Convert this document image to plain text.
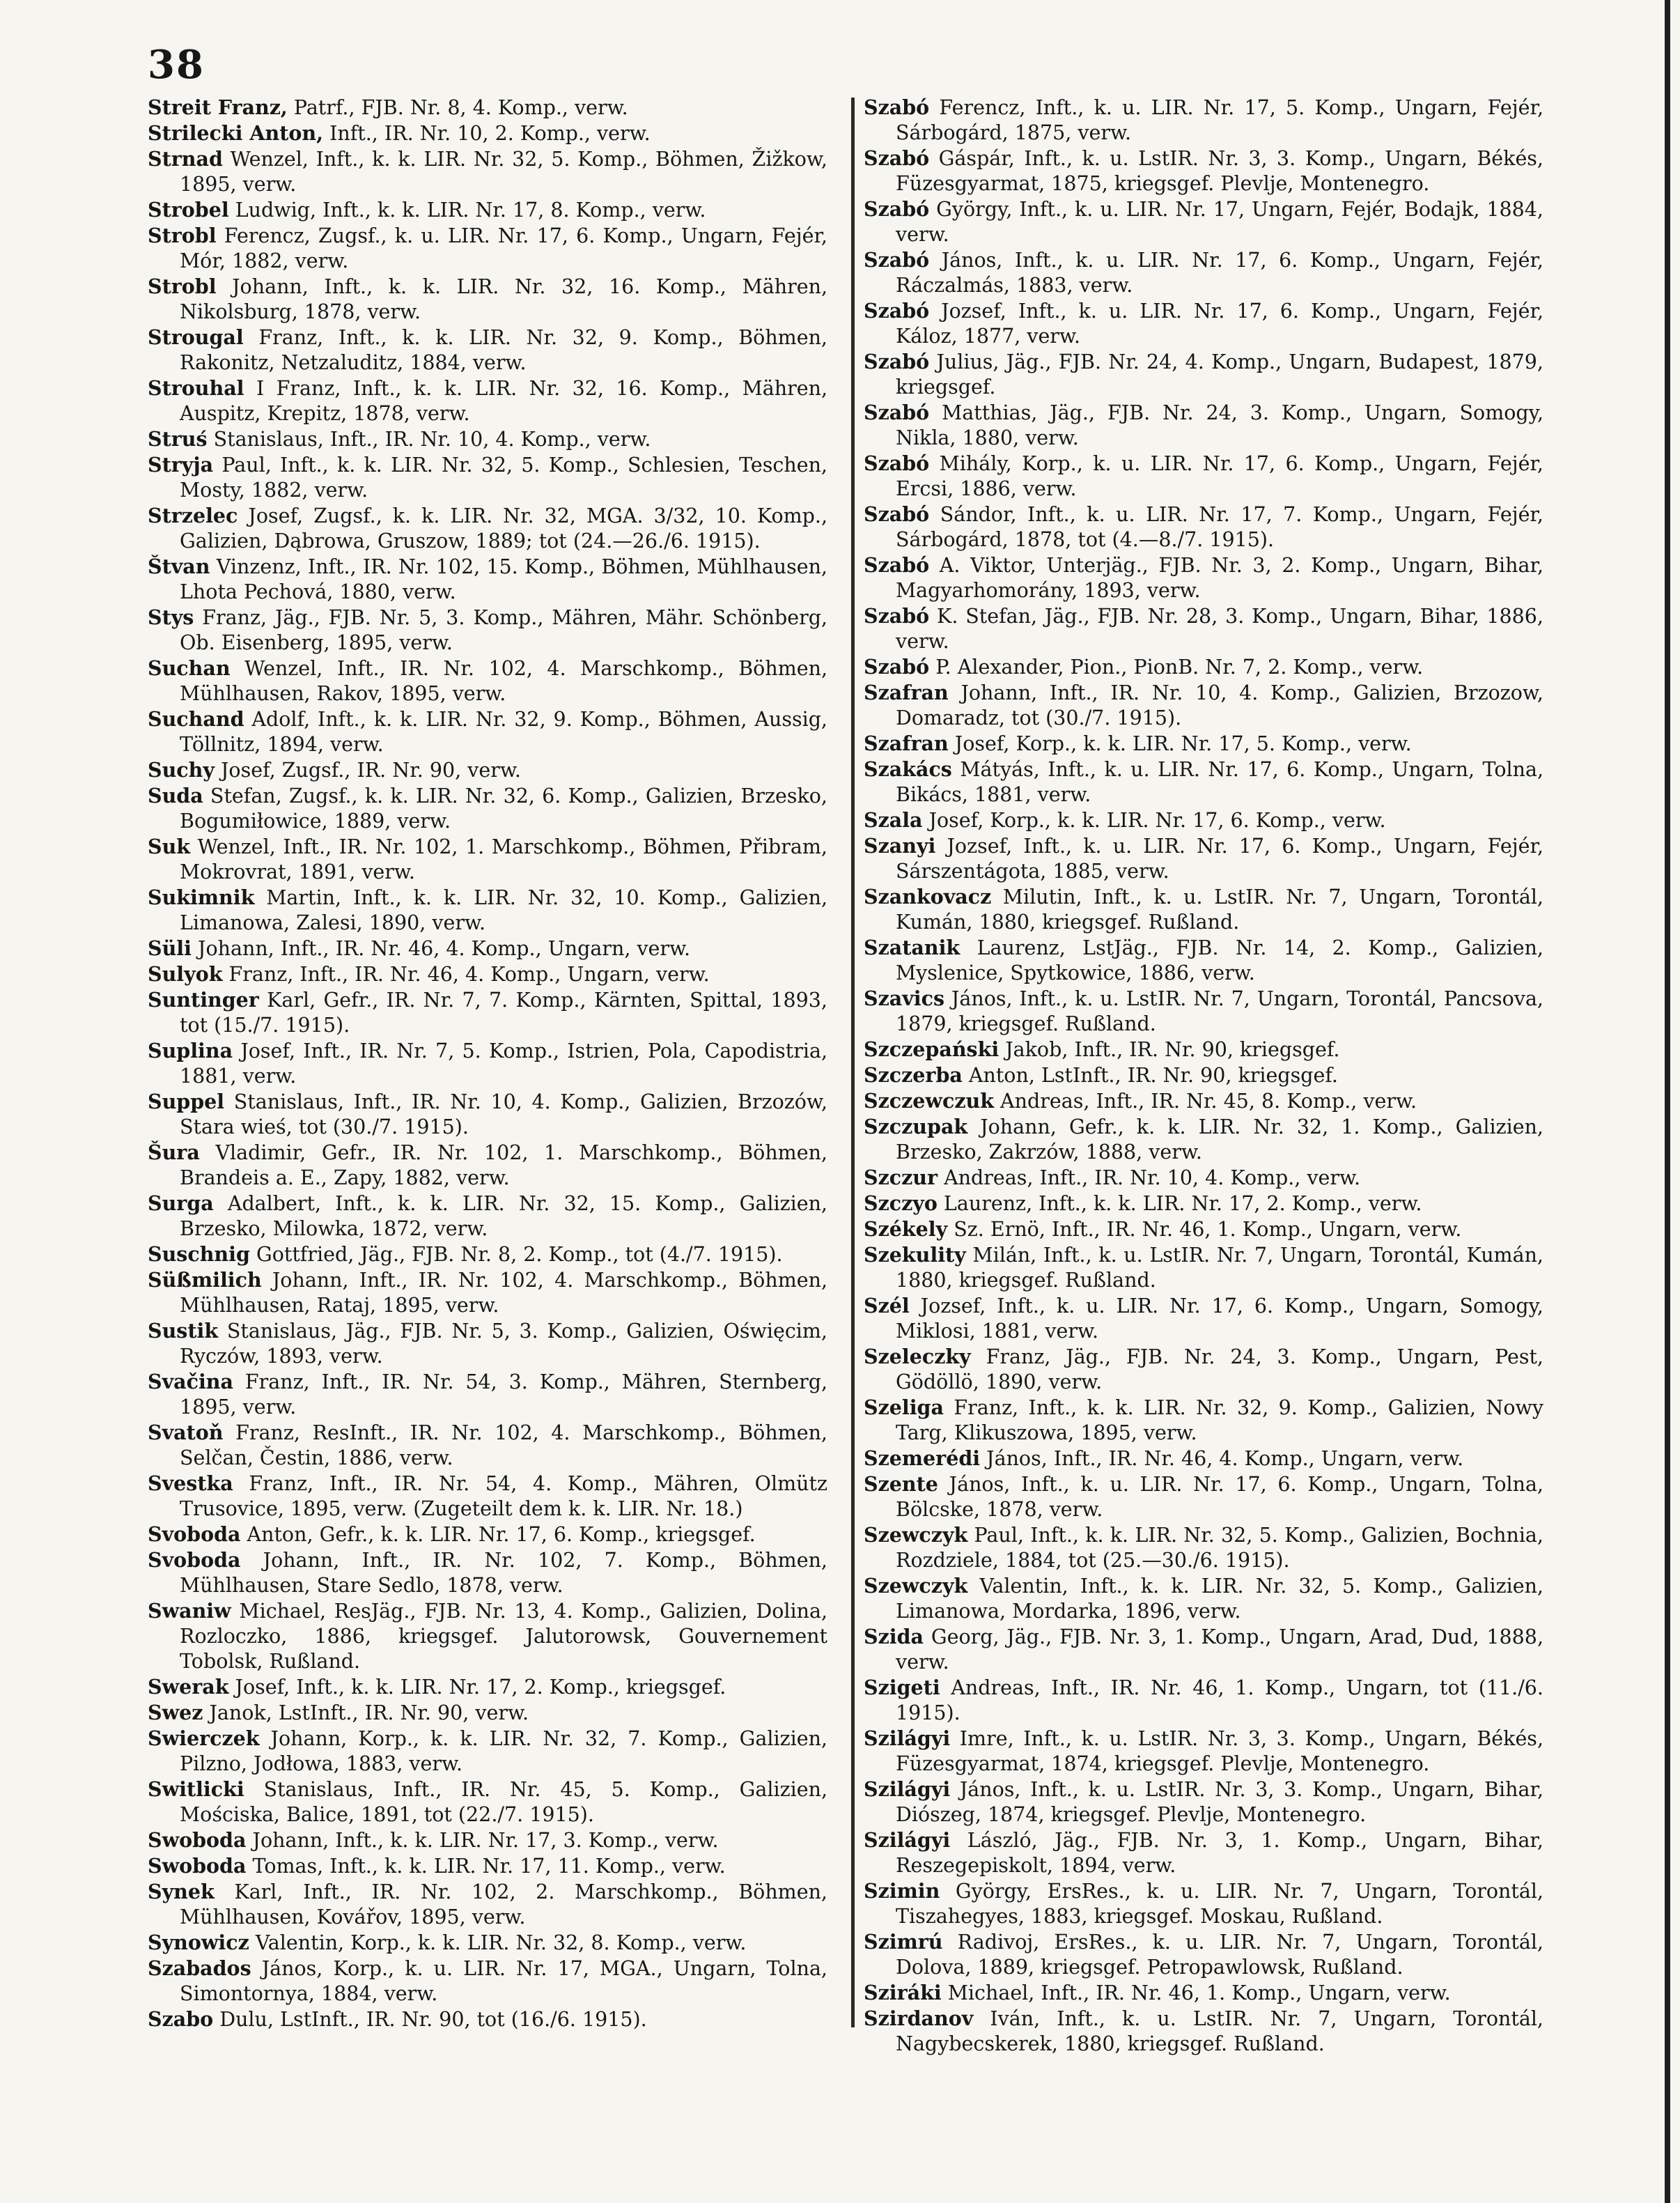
38
Streit Franz, Patrf., FJB. Nr. 8, 4. Komp., verw.
Strilecki Anton, Inft., IR. Nr. 10, 2. Komp., verw.
Strnad Wenzel, Inft., k. k. LIR. Nr. 32, 5. Komp., Böhmen, Žižkow, 1895, verw.
Strobel Ludwig, Inft., k. k. LIR. Nr. 17, 8. Komp., verw.
Strobl Ferencz, Zugsf., k. u. LIR. Nr. 17, 6. Komp., Ungarn, Fejér, Mór, 1882, verw.
Strobl Johann, Inft., k. k. LIR. Nr. 32, 16. Komp., Mähren, Nikolsburg, 1878, verw.
Strougal Franz, Inft., k. k. LIR. Nr. 32, 9. Komp., Böhmen, Rakonitz, Netzaluditz, 1884, verw.
Strouhal I Franz, Inft., k. k. LIR. Nr. 32, 16. Komp., Mähren, Auspitz, Krepitz, 1878, verw.
Struś Stanislaus, Inft., IR. Nr. 10, 4. Komp., verw.
Stryja Paul, Inft., k. k. LIR. Nr. 32, 5. Komp., Schlesien, Teschen, Mosty, 1882, verw.
Strzelec Josef, Zugsf., k. k. LIR. Nr. 32, MGA. 3/32, 10. Komp., Galizien, Dąbrowa, Gruszow, 1889; tot (24.—26./6. 1915).
Štvan Vinzenz, Inft., IR. Nr. 102, 15. Komp., Böhmen, Mühlhausen, Lhota Pechová, 1880, verw.
Stys Franz, Jäg., FJB. Nr. 5, 3. Komp., Mähren, Mähr. Schönberg, Ob. Eisenberg, 1895, verw.
Suchan Wenzel, Inft., IR. Nr. 102, 4. Marschkomp., Böhmen, Mühlhausen, Rakov, 1895, verw.
Suchand Adolf, Inft., k. k. LIR. Nr. 32, 9. Komp., Böhmen, Aussig, Töllnitz, 1894, verw.
Suchy Josef, Zugsf., IR. Nr. 90, verw.
Suda Stefan, Zugsf., k. k. LIR. Nr. 32, 6. Komp., Galizien, Brzesko, Bogumiłowice, 1889, verw.
Suk Wenzel, Inft., IR. Nr. 102, 1. Marschkomp., Böhmen, Přibram, Mokrovrat, 1891, verw.
Sukimnik Martin, Inft., k. k. LIR. Nr. 32, 10. Komp., Galizien, Limanowa, Zalesi, 1890, verw.
Süli Johann, Inft., IR. Nr. 46, 4. Komp., Ungarn, verw.
Sulyok Franz, Inft., IR. Nr. 46, 4. Komp., Ungarn, verw.
Suntinger Karl, Gefr., IR. Nr. 7, 7. Komp., Kärnten, Spittal, 1893, tot (15./7. 1915).
Suplina Josef, Inft., IR. Nr. 7, 5. Komp., Istrien, Pola, Capodistria, 1881, verw.
Suppel Stanislaus, Inft., IR. Nr. 10, 4. Komp., Galizien, Brzozów, Stara wieś, tot (30./7. 1915).
Šura Vladimir, Gefr., IR. Nr. 102, 1. Marschkomp., Böhmen, Brandeis a. E., Zapy, 1882, verw.
Surga Adalbert, Inft., k. k. LIR. Nr. 32, 15. Komp., Galizien, Brzesko, Milowka, 1872, verw.
Suschnig Gottfried, Jäg., FJB. Nr. 8, 2. Komp., tot (4./7. 1915).
Süßmilich Johann, Inft., IR. Nr. 102, 4. Marschkomp., Böhmen, Mühlhausen, Rataj, 1895, verw.
Sustik Stanislaus, Jäg., FJB. Nr. 5, 3. Komp., Galizien, Oświęcim, Ryczów, 1893, verw.
Svačina Franz, Inft., IR. Nr. 54, 3. Komp., Mähren, Sternberg, 1895, verw.
Svatoň Franz, ResInft., IR. Nr. 102, 4. Marschkomp., Böhmen, Selčan, Čestin, 1886, verw.
Svestka Franz, Inft., IR. Nr. 54, 4. Komp., Mähren, Olmütz Trusovice, 1895, verw. (Zugeteilt dem k. k. LIR. Nr. 18.)
Svoboda Anton, Gefr., k. k. LIR. Nr. 17, 6. Komp., kriegsgef.
Svoboda Johann, Inft., IR. Nr. 102, 7. Komp., Böhmen, Mühlhausen, Stare Sedlo, 1878, verw.
Swaniw Michael, ResJäg., FJB. Nr. 13, 4. Komp., Galizien, Dolina, Rozloczko, 1886, kriegsgef. Jalutorowsk, Gouvernement Tobolsk, Rußland.
Swerak Josef, Inft., k. k. LIR. Nr. 17, 2. Komp., kriegsgef.
Swez Janok, LstInft., IR. Nr. 90, verw.
Swierczek Johann, Korp., k. k. LIR. Nr. 32, 7. Komp., Galizien, Pilzno, Jodłowa, 1883, verw.
Switlicki Stanislaus, Inft., IR. Nr. 45, 5. Komp., Galizien, Mościska, Balice, 1891, tot (22./7. 1915).
Swoboda Johann, Inft., k. k. LIR. Nr. 17, 3. Komp., verw.
Swoboda Tomas, Inft., k. k. LIR. Nr. 17, 11. Komp., verw.
Synek Karl, Inft., IR. Nr. 102, 2. Marschkomp., Böhmen, Mühlhausen, Kovářov, 1895, verw.
Synowicz Valentin, Korp., k. k. LIR. Nr. 32, 8. Komp., verw.
Szabados János, Korp., k. u. LIR. Nr. 17, MGA., Ungarn, Tolna, Simontornya, 1884, verw.
Szabo Dulu, LstInft., IR. Nr. 90, tot (16./6. 1915).
Szabó Ferencz, Inft., k. u. LIR. Nr. 17, 5. Komp., Ungarn, Fejér, Sárbogárd, 1875, verw.
Szabó Gáspár, Inft., k. u. LstIR. Nr. 3, 3. Komp., Ungarn, Békés, Füzesgyarmat, 1875, kriegsgef. Plevlje, Montenegro.
Szabó György, Inft., k. u. LIR. Nr. 17, Ungarn, Fejér, Bodajk, 1884, verw.
Szabó János, Inft., k. u. LIR. Nr. 17, 6. Komp., Ungarn, Fejér, Ráczalmás, 1883, verw.
Szabó Jozsef, Inft., k. u. LIR. Nr. 17, 6. Komp., Ungarn, Fejér, Káloz, 1877, verw.
Szabó Julius, Jäg., FJB. Nr. 24, 4. Komp., Ungarn, Budapest, 1879, kriegsgef.
Szabó Matthias, Jäg., FJB. Nr. 24, 3. Komp., Ungarn, Somogy, Nikla, 1880, verw.
Szabó Mihály, Korp., k. u. LIR. Nr. 17, 6. Komp., Ungarn, Fejér, Ercsi, 1886, verw.
Szabó Sándor, Inft., k. u. LIR. Nr. 17, 7. Komp., Ungarn, Fejér, Sárbogárd, 1878, tot (4.—8./7. 1915).
Szabó A. Viktor, Unterjäg., FJB. Nr. 3, 2. Komp., Ungarn, Bihar, Magyarhomorány, 1893, verw.
Szabó K. Stefan, Jäg., FJB. Nr. 28, 3. Komp., Ungarn, Bihar, 1886, verw.
Szabó P. Alexander, Pion., PionB. Nr. 7, 2. Komp., verw.
Szafran Johann, Inft., IR. Nr. 10, 4. Komp., Galizien, Brzozow, Domaradz, tot (30./7. 1915).
Szafran Josef, Korp., k. k. LIR. Nr. 17, 5. Komp., verw.
Szakács Mátyás, Inft., k. u. LIR. Nr. 17, 6. Komp., Ungarn, Tolna, Bikács, 1881, verw.
Szala Josef, Korp., k. k. LIR. Nr. 17, 6. Komp., verw.
Szanyi Jozsef, Inft., k. u. LIR. Nr. 17, 6. Komp., Ungarn, Fejér, Sárszentágota, 1885, verw.
Szankovacz Milutin, Inft., k. u. LstIR. Nr. 7, Ungarn, Torontál, Kumán, 1880, kriegsgef. Rußland.
Szatanik Laurenz, LstJäg., FJB. Nr. 14, 2. Komp., Galizien, Myslenice, Spytkowice, 1886, verw.
Szavics János, Inft., k. u. LstIR. Nr. 7, Ungarn, Torontál, Pancsova, 1879, kriegsgef. Rußland.
Szczepański Jakob, Inft., IR. Nr. 90, kriegsgef.
Szczerba Anton, LstInft., IR. Nr. 90, kriegsgef.
Szczewczuk Andreas, Inft., IR. Nr. 45, 8. Komp., verw.
Szczupak Johann, Gefr., k. k. LIR. Nr. 32, 1. Komp., Galizien, Brzesko, Zakrzów, 1888, verw.
Szczur Andreas, Inft., IR. Nr. 10, 4. Komp., verw.
Szczyo Laurenz, Inft., k. k. LIR. Nr. 17, 2. Komp., verw.
Székely Sz. Ernö, Inft., IR. Nr. 46, 1. Komp., Ungarn, verw.
Szekulity Milán, Inft., k. u. LstIR. Nr. 7, Ungarn, Torontál, Kumán, 1880, kriegsgef. Rußland.
Szél Jozsef, Inft., k. u. LIR. Nr. 17, 6. Komp., Ungarn, Somogy, Miklosi, 1881, verw.
Szeleczky Franz, Jäg., FJB. Nr. 24, 3. Komp., Ungarn, Pest, Gödöllö, 1890, verw.
Szeliga Franz, Inft., k. k. LIR. Nr. 32, 9. Komp., Galizien, Nowy Targ, Klikuszowa, 1895, verw.
Szemerédi János, Inft., IR. Nr. 46, 4. Komp., Ungarn, verw.
Szente János, Inft., k. u. LIR. Nr. 17, 6. Komp., Ungarn, Tolna, Bölcske, 1878, verw.
Szewczyk Paul, Inft., k. k. LIR. Nr. 32, 5. Komp., Galizien, Bochnia, Rozdziele, 1884, tot (25.—30./6. 1915).
Szewczyk Valentin, Inft., k. k. LIR. Nr. 32, 5. Komp., Galizien, Limanowa, Mordarka, 1896, verw.
Szida Georg, Jäg., FJB. Nr. 3, 1. Komp., Ungarn, Arad, Dud, 1888, verw.
Szigeti Andreas, Inft., IR. Nr. 46, 1. Komp., Ungarn, tot (11./6. 1915).
Szilágyi Imre, Inft., k. u. LstIR. Nr. 3, 3. Komp., Ungarn, Békés, Füzesgyarmat, 1874, kriegsgef. Plevlje, Montenegro.
Szilágyi János, Inft., k. u. LstIR. Nr. 3, 3. Komp., Ungarn, Bihar, Diószeg, 1874, kriegsgef. Plevlje, Montenegro.
Szilágyi László, Jäg., FJB. Nr. 3, 1. Komp., Ungarn, Bihar, Reszegepiskolt, 1894, verw.
Szimin György, ErsRes., k. u. LIR. Nr. 7, Ungarn, Torontál, Tiszahegyes, 1883, kriegsgef. Moskau, Rußland.
Szimrú Radivoj, ErsRes., k. u. LIR. Nr. 7, Ungarn, Torontál, Dolova, 1889, kriegsgef. Petropawlowsk, Rußland.
Sziráki Michael, Inft., IR. Nr. 46, 1. Komp., Ungarn, verw.
Szirdanov Iván, Inft., k. u. LstIR. Nr. 7, Ungarn, Torontál, Nagybecskerek, 1880, kriegsgef. Rußland.
